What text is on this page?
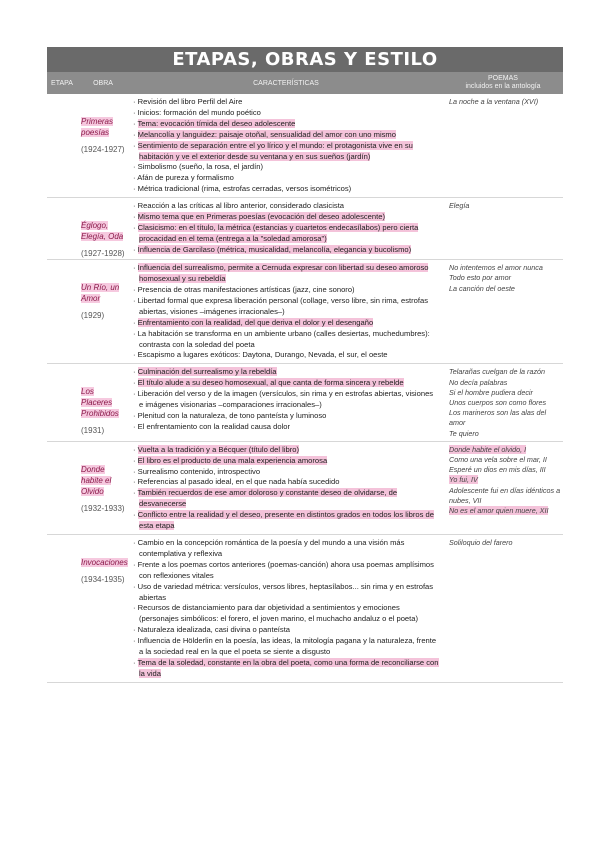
ETAPAS, OBRAS Y ESTILO
ETAPA	OBRA	CARACTERÍSTICAS
POEMAS
incluidos en la antología
Primeras poesías
(1924-1927)
· Revisión del libro Perfil del Aire
· Inicios: formación del mundo poético
· Tema: evocación tímida del deseo adolescente
· Melancolía y languidez: paisaje otoñal, sensualidad del amor con uno mismo
· Sentimiento de separación entre el yo lírico y el mundo: el protagonista vive en su habitación y ve el exterior desde su ventana y en sus sueños (jardín)
· Simbolismo (sueño, la rosa, el jardín)
· Afán de pureza y formalismo
· Métrica tradicional (rima, estrofas cerradas, versos isométricos)
La noche a la ventana (XVI)
Églogo, Elegía, Oda
(1927-1928)
· Reacción a las críticas al libro anterior, considerado clasicista
· Mismo tema que en Primeras poesías (evocación del deseo adolescente)
· Clasicismo: en el título, la métrica (estancias y cuartetos endecasílabos) pero cierta procacidad en el tema (entrega a la "soledad amorosa")
· Influencia de Garcilaso (métrica, musicalidad, melancolía, elegancia y bucolismo)
Elegía
Un Río, un Amor
(1929)
· Influencia del surrealismo, permite a Cernuda expresar con libertad su deseo amoroso homosexual y su rebeldía
· Presencia de otras manifestaciones artísticas (jazz, cine sonoro)
· Libertad formal que expresa liberación personal (collage, verso libre, sin rima, estrofas abiertas, visiones –imágenes irracionales–)
· Enfrentamiento con la realidad, del que deriva el dolor y el desengaño
· La habitación se transforma en un ambiente urbano (calles desiertas, muchedumbres): contrasta con la soledad del poeta
· Escapismo a lugares exóticos: Daytona, Durango, Nevada, el sur, el oeste
No intentemos el amor nunca
Todo esto por amor
La canción del oeste
Los Placeres Prohibidos
(1931)
· Culminación del surrealismo y la rebeldía
· El título alude a su deseo homosexual, al que canta de forma sincera y rebelde
· Liberación del verso y de la imagen (versículos, sin rima y en estrofas abiertas, visiones e imágenes visionarias –comparaciones irracionales–)
· Plenitud con la naturaleza, de tono panteísta y luminoso
· El enfrentamiento con la realidad causa dolor
Telarañas cuelgan de la razón
No decía palabras
Si el hombre pudiera decir
Unos cuerpos son como flores
Los marineros son las alas del amor
Te quiero
Donde habite el Olvido
(1932-1933)
· Vuelta a la tradición y a Bécquer (título del libro)
· El libro es el producto de una mala experiencia amorosa
· Surrealismo contenido, introspectivo
· Referencias al pasado ideal, en el que nada había sucedido
· También recuerdos de ese amor doloroso y constante deseo de olvidarse, de desvanecerse
· Conflicto entre la realidad y el deseo, presente en distintos grados en todos los libros de esta etapa
Donde habite el olvido, I
Como una vela sobre el mar, II
Esperé un dios en mis días, III
Yo fui, IV
Adolescente fui en días idénticos a nubes, VII
No es el amor quien muere, XII
Invocaciones
(1934-1935)
· Cambio en la concepción romántica de la poesía y del mundo a una visión más contemplativa y reflexiva
· Frente a los poemas cortos anteriores (poemas-canción) ahora usa poemas amplísimos con reflexiones vitales
· Uso de variedad métrica: versículos, versos libres, heptasílabos... sin rima y en estrofas abiertas
· Recursos de distanciamiento para dar objetividad a sentimientos y emociones (personajes simbólicos: el forero, el joven marino, el muchacho andaluz o el poeta)
· Naturaleza idealizada, casi divina o panteísta
· Influencia de Hölderlin en la poesía, las ideas, la mitología pagana y la naturaleza, frente a la sociedad real en la que el poeta se siente a disgusto
· Tema de la soledad, constante en la obra del poeta, como una forma de reconciliarse con la vida
Soliloquio del farero
